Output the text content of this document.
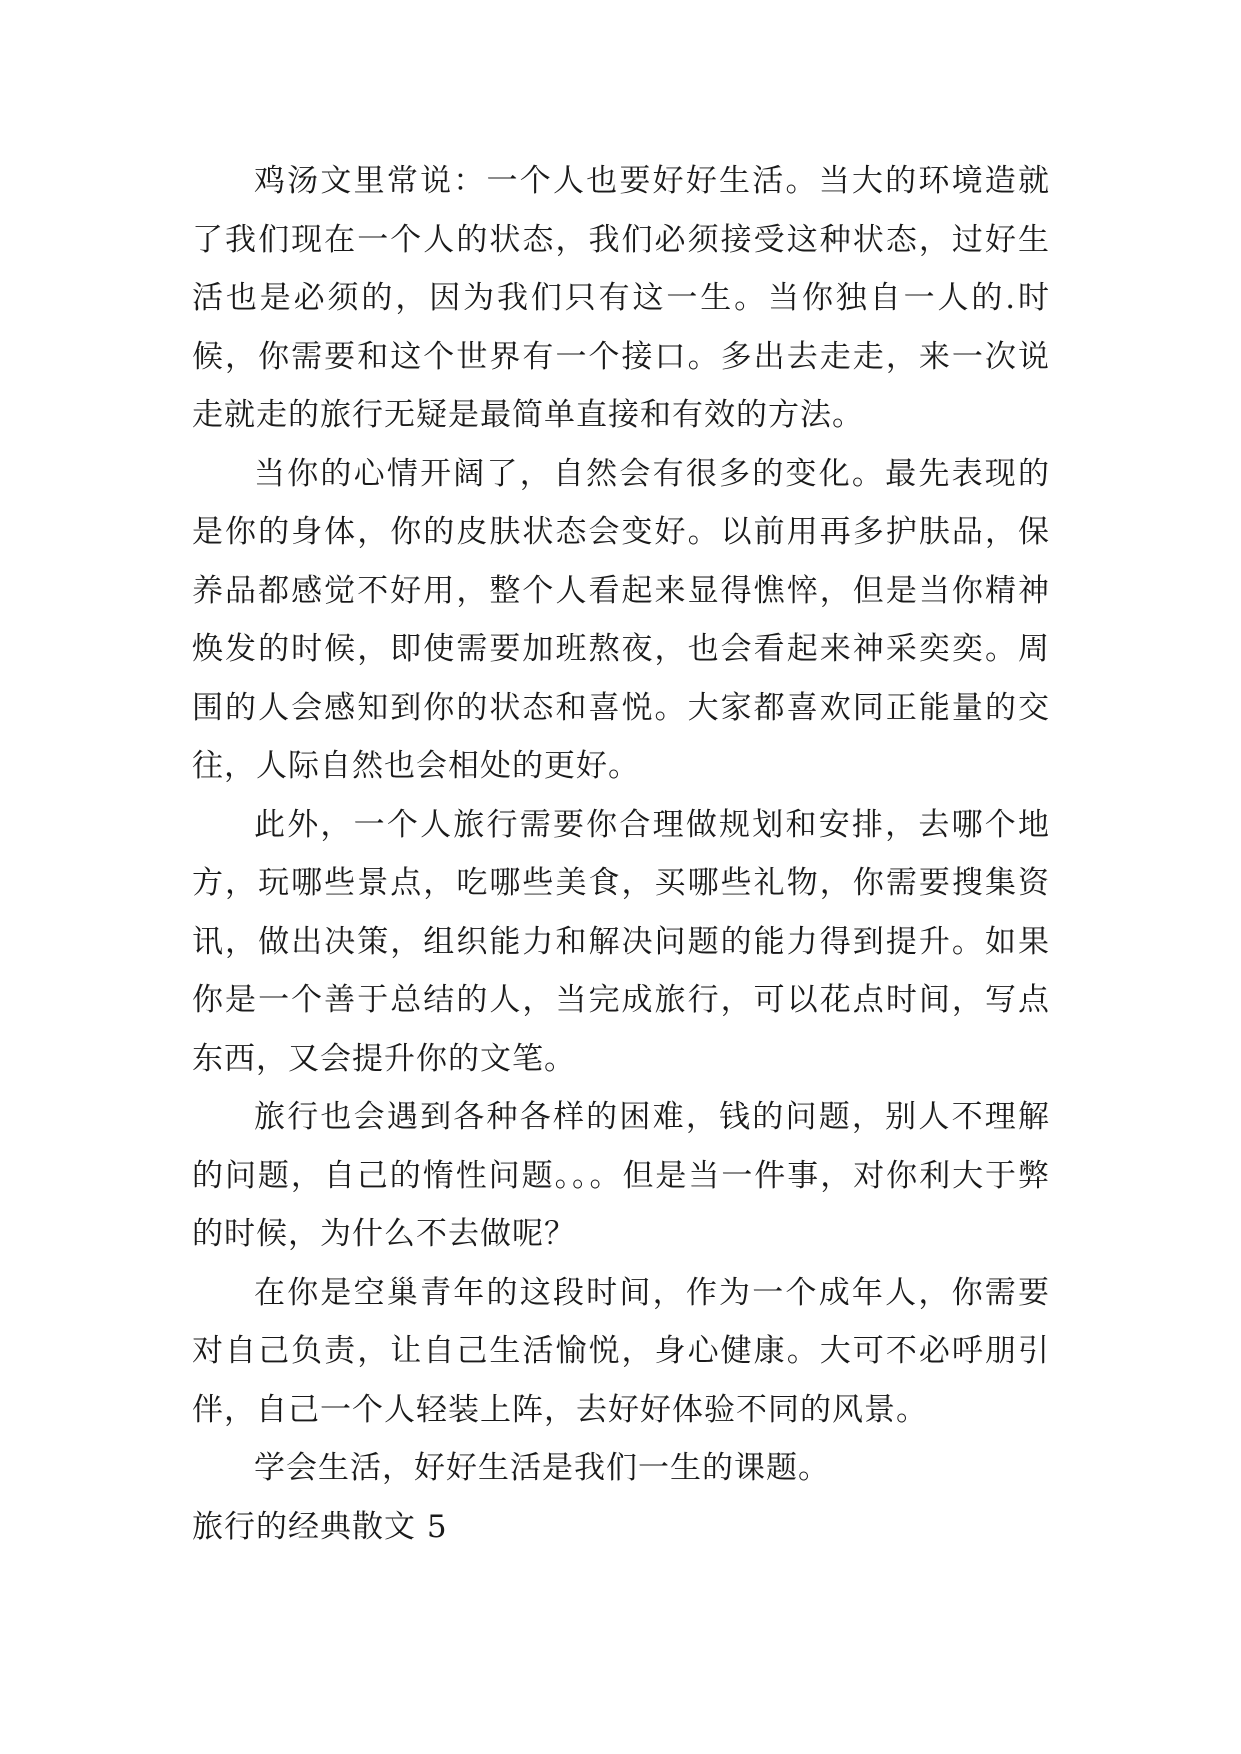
鸡汤文里常说：一个人也要好好生活。当大的环境造就了我们现在一个人的状态，我们必须接受这种状态，过好生活也是必须的，因为我们只有这一生。当你独自一人的.时候，你需要和这个世界有一个接口。多出去走走，来一次说走就走的旅行无疑是最简单直接和有效的方法。

当你的心情开阔了，自然会有很多的变化。最先表现的是你的身体，你的皮肤状态会变好。以前用再多护肤品，保养品都感觉不好用，整个人看起来显得憔悴，但是当你精神焕发的时候，即使需要加班熬夜，也会看起来神采奕奕。周围的人会感知到你的状态和喜悦。大家都喜欢同正能量的交往，人际自然也会相处的更好。

此外，一个人旅行需要你合理做规划和安排，去哪个地方，玩哪些景点，吃哪些美食，买哪些礼物，你需要搜集资讯，做出决策，组织能力和解决问题的能力得到提升。如果你是一个善于总结的人，当完成旅行，可以花点时间，写点东西，又会提升你的文笔。

旅行也会遇到各种各样的困难，钱的问题，别人不理解的问题，自己的惰性问题。。。但是当一件事，对你利大于弊的时候，为什么不去做呢？

在你是空巢青年的这段时间，作为一个成年人，你需要对自己负责，让自己生活愉悦，身心健康。大可不必呼朋引伴，自己一个人轻装上阵，去好好体验不同的风景。

学会生活，好好生活是我们一生的课题。

旅行的经典散文 5
